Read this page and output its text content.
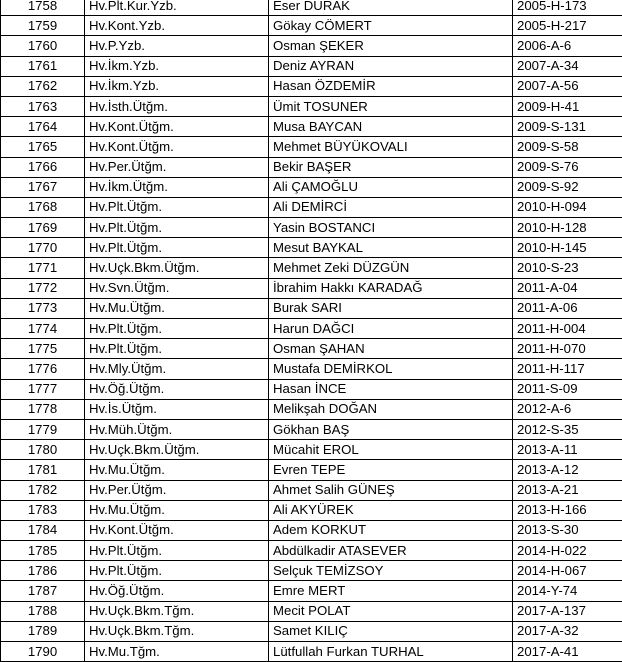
1758	Hv.Plt.Kur.Yzb.	Eser DURAK	2005-H-173
1759	Hv.Kont.Yzb.	Gökay CÖMERT	2005-H-217
1760	Hv.P.Yzb.	Osman ŞEKER	2006-A-6
1761	Hv.İkm.Yzb.	Deniz AYRAN	2007-A-34
1762	Hv.İkm.Yzb.	Hasan ÖZDEMİR	2007-A-56
1763	Hv.İsth.Ütğm.	Ümit TOSUNER	2009-H-41
1764	Hv.Kont.Ütğm.	Musa BAYCAN	2009-S-131
1765	Hv.Kont.Ütğm.	Mehmet BÜYÜKOVALI	2009-S-58
1766	Hv.Per.Ütğm.	Bekir BAŞER	2009-S-76
1767	Hv.İkm.Ütğm.	Ali ÇAMOĞLU	2009-S-92
1768	Hv.Plt.Ütğm.	Ali DEMİRCİ	2010-H-094
1769	Hv.Plt.Ütğm.	Yasin BOSTANCI	2010-H-128
1770	Hv.Plt.Ütğm.	Mesut BAYKAL	2010-H-145
1771	Hv.Uçk.Bkm.Ütğm.	Mehmet Zeki DÜZGÜN	2010-S-23
1772	Hv.Svn.Ütğm.	İbrahim Hakkı KARADAĞ	2011-A-04
1773	Hv.Mu.Ütğm.	Burak SARI	2011-A-06
1774	Hv.Plt.Ütğm.	Harun DAĞCI	2011-H-004
1775	Hv.Plt.Ütğm.	Osman ŞAHAN	2011-H-070
1776	Hv.Mly.Ütğm.	Mustafa DEMİRKOL	2011-H-117
1777	Hv.Öğ.Ütğm.	Hasan İNCE	2011-S-09
1778	Hv.İs.Ütğm.	Melikşah DOĞAN	2012-A-6
1779	Hv.Müh.Ütğm.	Gökhan BAŞ	2012-S-35
1780	Hv.Uçk.Bkm.Ütğm.	Mücahit EROL	2013-A-11
1781	Hv.Mu.Ütğm.	Evren TEPE	2013-A-12
1782	Hv.Per.Ütğm.	Ahmet Salih GÜNEŞ	2013-A-21
1783	Hv.Mu.Ütğm.	Ali AKYÜREK	2013-H-166
1784	Hv.Kont.Ütğm.	Adem KORKUT	2013-S-30
1785	Hv.Plt.Ütğm.	Abdülkadir ATASEVER	2014-H-022
1786	Hv.Plt.Ütğm.	Selçuk TEMİZSOY	2014-H-067
1787	Hv.Öğ.Ütğm.	Emre MERT	2014-Y-74
1788	Hv.Uçk.Bkm.Tğm.	Mecit POLAT	2017-A-137
1789	Hv.Uçk.Bkm.Tğm.	Samet KILIÇ	2017-A-32
1790	Hv.Mu.Tğm.	Lütfullah Furkan TURHAL	2017-A-41
